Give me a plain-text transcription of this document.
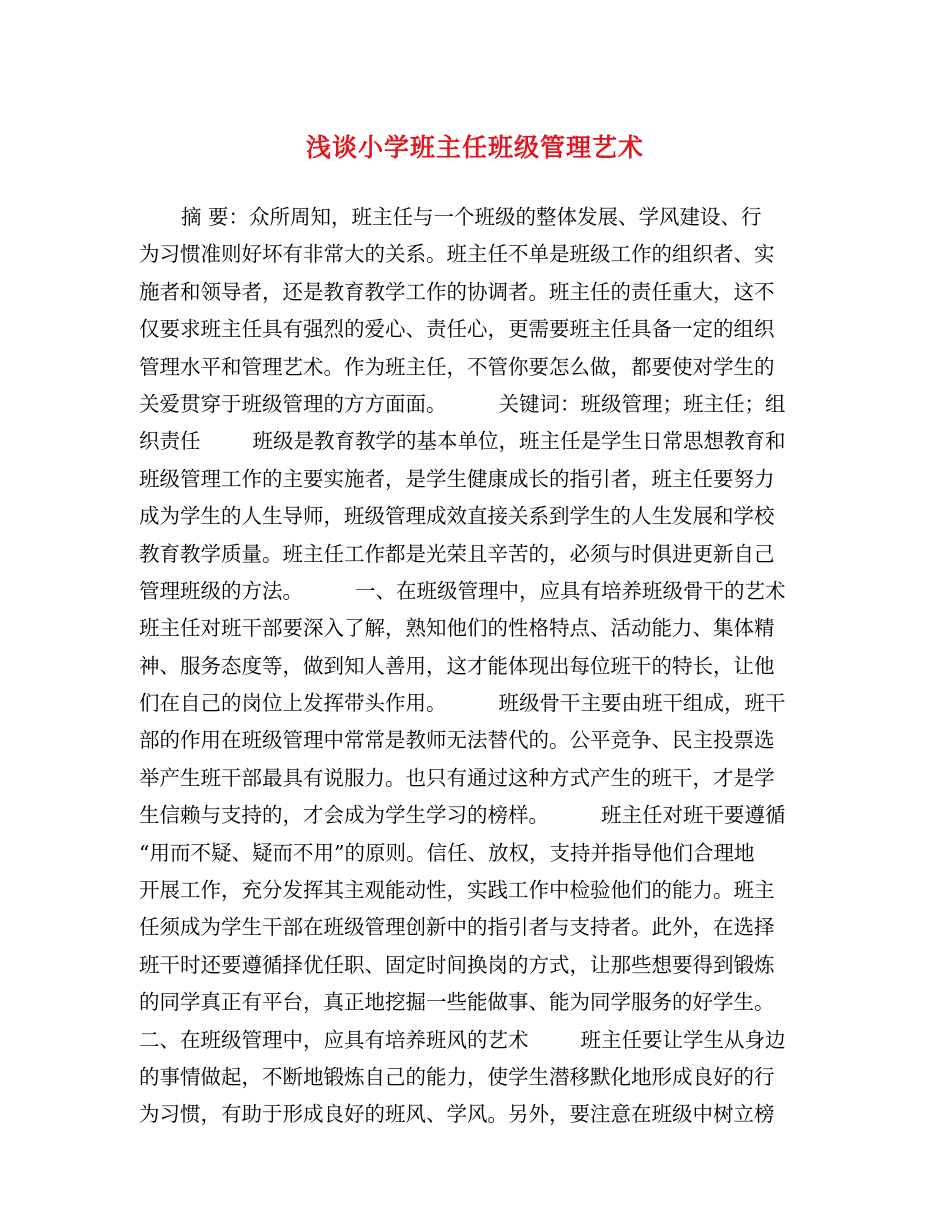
浅谈小学班主任班级管理艺术
摘 要：众所周知，班主任与一个班级的整体发展、学风建设、行
为习惯准则好坏有非常大的关系。班主任不单是班级工作的组织者、实
施者和领导者，还是教育教学工作的协调者。班主任的责任重大，这不
仅要求班主任具有强烈的爱心、责任心，更需要班主任具备一定的组织
管理水平和管理艺术。作为班主任，不管你要怎么做，都要使对学生的
关爱贯穿于班级管理的方方面面。	关键词：班级管理；班主任；组
织责任	班级是教育教学的基本单位，班主任是学生日常思想教育和
班级管理工作的主要实施者，是学生健康成长的指引者，班主任要努力
成为学生的人生导师，班级管理成效直接关系到学生的人生发展和学校
教育教学质量。班主任工作都是光荣且辛苦的，必须与时俱进更新自己
管理班级的方法。	一、在班级管理中，应具有培养班级骨干的艺术
班主任对班干部要深入了解，熟知他们的性格特点、活动能力、集体精
神、服务态度等，做到知人善用，这才能体现出每位班干的特长，让他
们在自己的岗位上发挥带头作用。	班级骨干主要由班干组成，班干
部的作用在班级管理中常常是教师无法替代的。公平竞争、民主投票选
举产生班干部最具有说服力。也只有通过这种方式产生的班干，才是学
生信赖与支持的，才会成为学生学习的榜样。	班主任对班干要遵循
“用而不疑、疑而不用”的原则。信任、放权，支持并指导他们合理地
开展工作，充分发挥其主观能动性，实践工作中检验他们的能力。班主
任须成为学生干部在班级管理创新中的指引者与支持者。此外，在选择
班干时还要遵循择优任职、固定时间换岗的方式，让那些想要得到锻炼
的同学真正有平台，真正地挖掘一些能做事、能为同学服务的好学生。
二、在班级管理中，应具有培养班风的艺术	班主任要让学生从身边
的事情做起，不断地锻炼自己的能力，使学生潜移默化地形成良好的行
为习惯，有助于形成良好的班风、学风。另外，要注意在班级中树立榜
